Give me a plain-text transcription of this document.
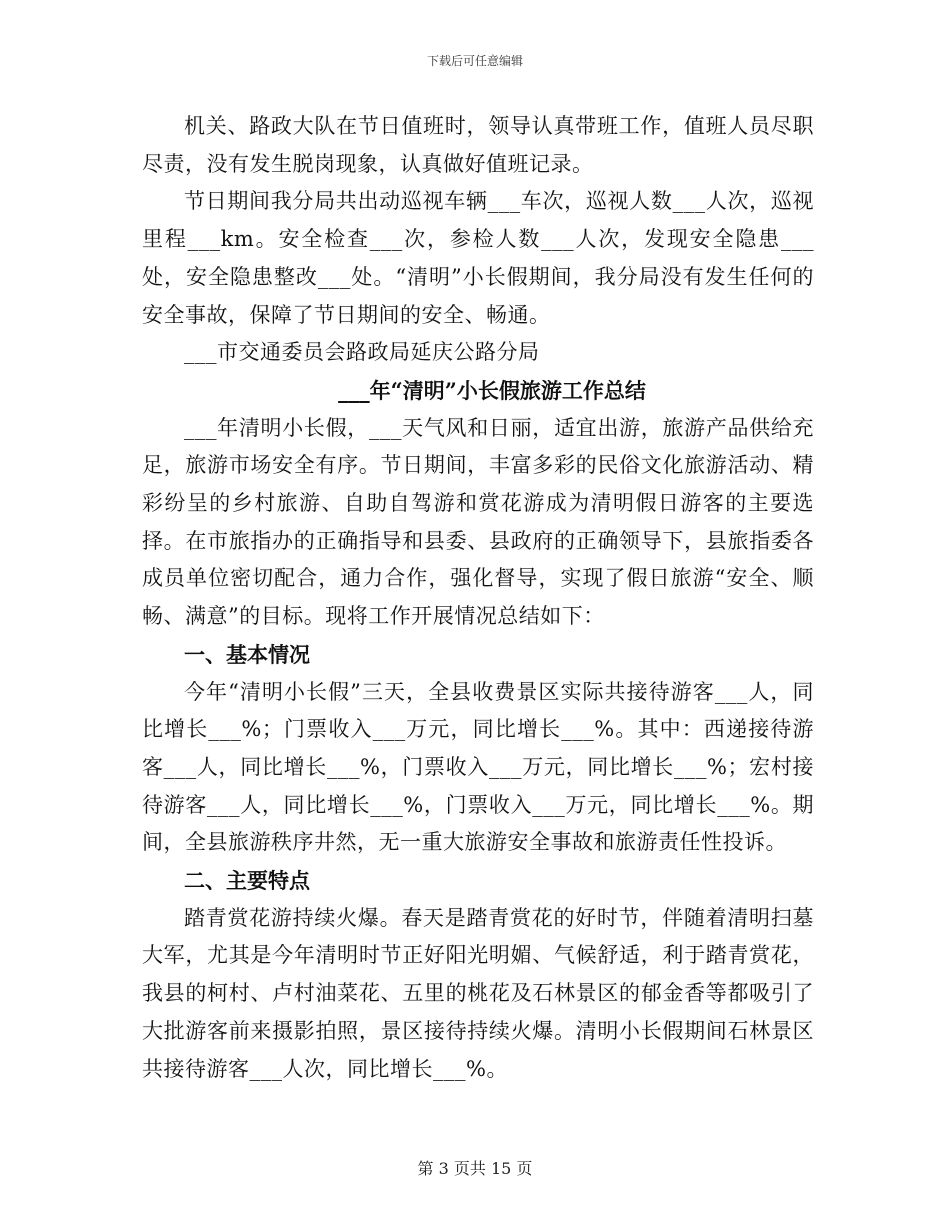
下载后可任意编辑

机关、路政大队在节日值班时，领导认真带班工作，值班人员尽职尽责，没有发生脱岗现象，认真做好值班记录。

节日期间我分局共出动巡视车辆___车次，巡视人数___人次，巡视里程___km。安全检查___次，参检人数___人次，发现安全隐患___处，安全隐患整改___处。“清明”小长假期间，我分局没有发生任何的安全事故，保障了节日期间的安全、畅通。

___市交通委员会路政局延庆公路分局

___年“清明”小长假旅游工作总结

___年清明小长假，___天气风和日丽，适宜出游，旅游产品供给充足，旅游市场安全有序。节日期间，丰富多彩的民俗文化旅游活动、精彩纷呈的乡村旅游、自助自驾游和赏花游成为清明假日游客的主要选择。在市旅指办的正确指导和县委、县政府的正确领导下，县旅指委各成员单位密切配合，通力合作，强化督导，实现了假日旅游“安全、顺畅、满意”的目标。现将工作开展情况总结如下：

一、基本情况

今年“清明小长假”三天，全县收费景区实际共接待游客___人，同比增长___%；门票收入___万元，同比增长___%。其中：西递接待游客___人，同比增长___%，门票收入___万元，同比增长___%；宏村接待游客___人，同比增长___%，门票收入___万元，同比增长___%。期间，全县旅游秩序井然，无一重大旅游安全事故和旅游责任性投诉。

二、主要特点

踏青赏花游持续火爆。春天是踏青赏花的好时节，伴随着清明扫墓大军，尤其是今年清明时节正好阳光明媚、气候舒适，利于踏青赏花，我县的柯村、卢村油菜花、五里的桃花及石林景区的郁金香等都吸引了大批游客前来摄影拍照，景区接待持续火爆。清明小长假期间石林景区共接待游客___人次，同比增长___%。

第 3 页共 15 页
